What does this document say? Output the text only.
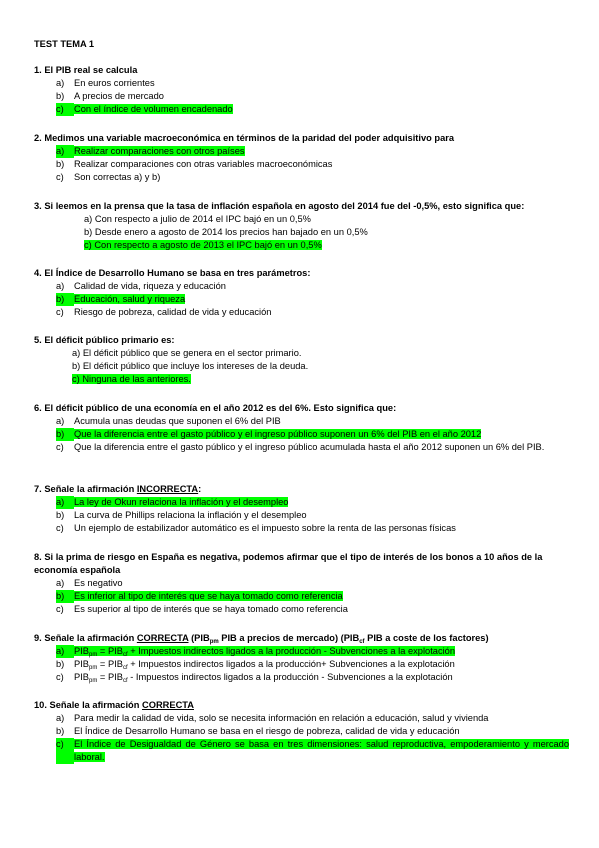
TEST TEMA 1
1. El PIB real se calcula
a)	En euros corrientes
b)	A precios de mercado
c)	Con el índice de volumen encadenado
2. Medimos una variable macroeconómica en términos de la paridad del poder adquisitivo para
a)	Realizar comparaciones con otros países
b)	Realizar comparaciones con otras variables macroeconómicas
c)	Son correctas a) y b)
3. Si leemos en la prensa que la tasa de inflación española en agosto del 2014 fue del -0,5%, esto significa que:
a) Con respecto a julio de 2014 el IPC bajó en un 0,5%
b) Desde enero a agosto de 2014 los precios han bajado en un 0,5%
c) Con respecto a agosto de 2013 el IPC bajó en un 0,5%
4. El Índice de Desarrollo Humano se basa en tres parámetros:
a)	Calidad de vida, riqueza y educación
b)	Educación, salud y riqueza
c)	Riesgo de pobreza, calidad de vida y educación
5. El déficit público primario es:
a) El déficit público que se genera en el sector primario.
b) El déficit público que incluye los intereses de la deuda.
c) Ninguna de las anteriores.
6. El déficit público de una economía en el año 2012 es del 6%. Esto significa que:
a)	Acumula unas deudas que suponen el 6% del PIB
b)	Que la diferencia entre el gasto público y el ingreso público suponen un 6% del PIB en el año 2012
c)	Que la diferencia entre el gasto público y el ingreso público acumulada hasta el año 2012 suponen un 6% del PIB.
7. Señale la afirmación INCORRECTA:
a)	La ley de Okun relaciona la inflación y el desempleo
b)	La curva de Phillips relaciona la inflación y el desempleo
c)	Un ejemplo de estabilizador automático es el impuesto sobre la renta de las personas físicas
8. Si la prima de riesgo en España es negativa, podemos afirmar que el tipo de interés de los bonos a 10 años de la economía española
a)	Es negativo
b)	Es inferior al tipo de interés que se haya tomado como referencia
c)	Es superior al tipo de interés que se haya tomado como referencia
9. Señale la afirmación CORRECTA ($PIB_{pm}$ PIB a precios de mercado) ($PIB_{cf}$ PIB a coste de los factores)
a)	$PIB_{pm} = PIB_{cf}$ + Impuestos indirectos ligados a la producción - Subvenciones a la explotación
b)	$PIB_{pm} = PIB_{cf}$ + Impuestos indirectos ligados a la producción+ Subvenciones a la explotación
c)	$PIB_{pm} = PIB_{cf}$ - Impuestos indirectos ligados a la producción - Subvenciones a la explotación
10. Señale la afirmación CORRECTA
a)	Para medir la calidad de vida, solo se necesita información en relación a educación, salud y vivienda
b)	El Índice de Desarrollo Humano se basa en el riesgo de pobreza, calidad de vida y educación
c)	El Índice de Desigualdad de Género se basa en tres dimensiones: salud reproductiva, empoderamiento y mercado laboral.
